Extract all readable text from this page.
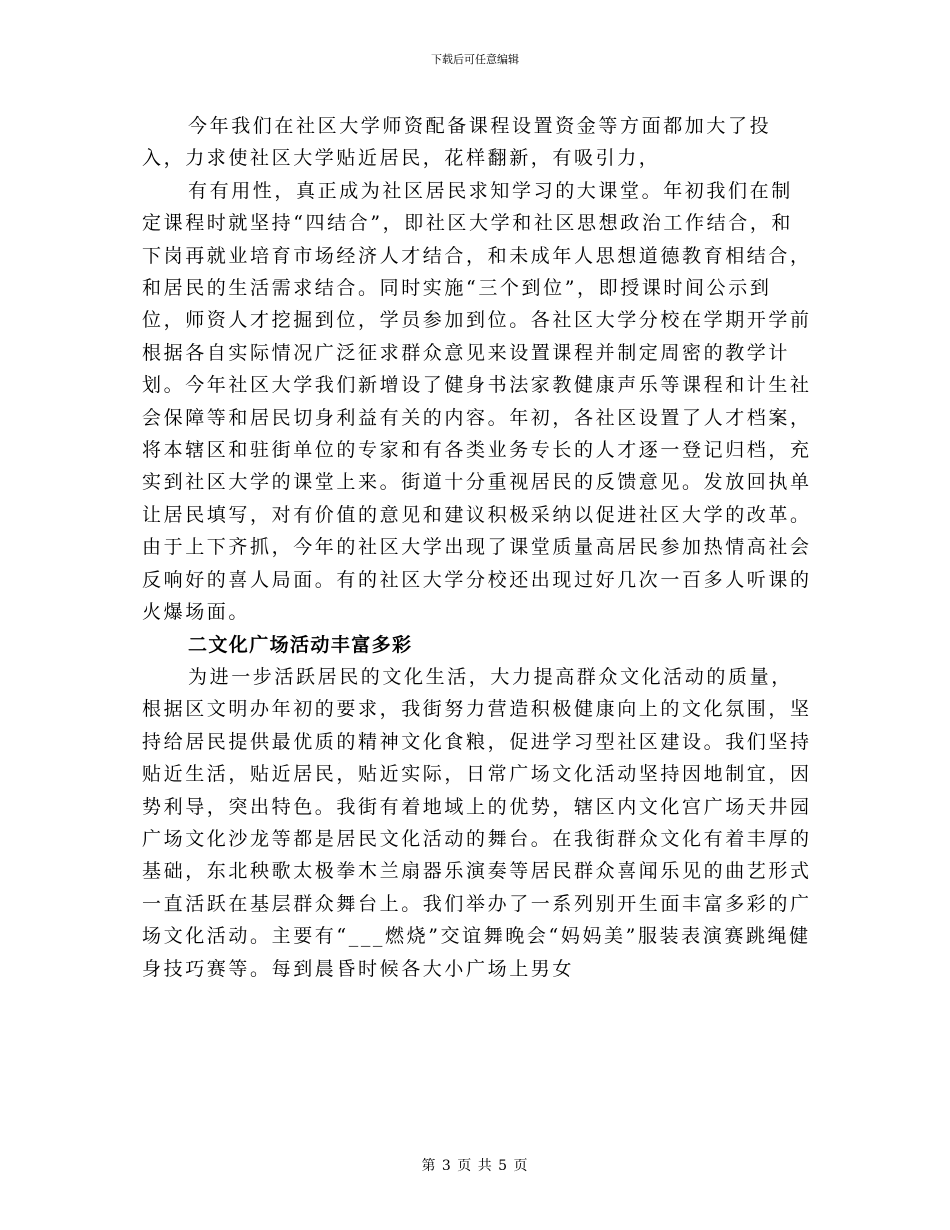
下载后可任意编辑

今年我们在社区大学师资配备课程设置资金等方面都加大了投入，力求使社区大学贴近居民，花样翻新，有吸引力，

有有用性，真正成为社区居民求知学习的大课堂。年初我们在制定课程时就坚持“四结合”，即社区大学和社区思想政治工作结合，和下岗再就业培育市场经济人才结合，和未成年人思想道德教育相结合，和居民的生活需求结合。同时实施“三个到位”，即授课时间公示到位，师资人才挖掘到位，学员参加到位。各社区大学分校在学期开学前根据各自实际情况广泛征求群众意见来设置课程并制定周密的教学计划。今年社区大学我们新增设了健身书法家教健康声乐等课程和计生社会保障等和居民切身利益有关的内容。年初，各社区设置了人才档案，将本辖区和驻街单位的专家和有各类业务专长的人才逐一登记归档，充实到社区大学的课堂上来。街道十分重视居民的反馈意见。发放回执单让居民填写，对有价值的意见和建议积极采纳以促进社区大学的改革。由于上下齐抓，今年的社区大学出现了课堂质量高居民参加热情高社会反响好的喜人局面。有的社区大学分校还出现过好几次一百多人听课的火爆场面。

二文化广场活动丰富多彩

为进一步活跃居民的文化生活，大力提高群众文化活动的质量，根据区文明办年初的要求，我街努力营造积极健康向上的文化氛围，坚持给居民提供最优质的精神文化食粮，促进学习型社区建设。我们坚持贴近生活，贴近居民，贴近实际，日常广场文化活动坚持因地制宜，因势利导，突出特色。我街有着地域上的优势，辖区内文化宫广场天井园广场文化沙龙等都是居民文化活动的舞台。在我街群众文化有着丰厚的基础，东北秧歌太极拳木兰扇器乐演奏等居民群众喜闻乐见的曲艺形式一直活跃在基层群众舞台上。我们举办了一系列别开生面丰富多彩的广场文化活动。主要有“___燃烧”交谊舞晚会“妈妈美”服装表演赛跳绳健身技巧赛等。每到晨昏时候各大小广场上男女

第 3 页 共 5 页
